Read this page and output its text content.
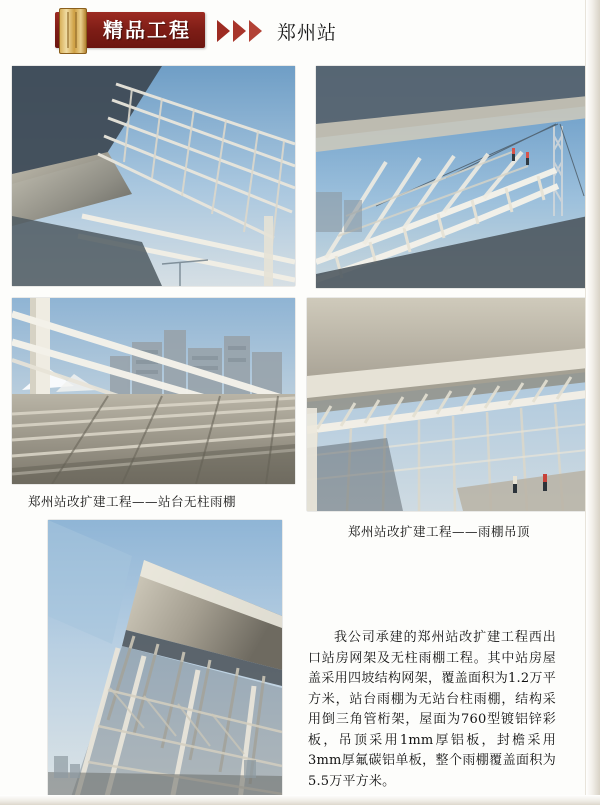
精品工程	郑州站
郑州站改扩建工程——站台无柱雨棚
郑州站改扩建工程——雨棚吊顶

我公司承建的郑州站改扩建工程西出口站房网架及无柱雨棚工程。其中站房屋盖采用四坡结构网架，覆盖面积为1.2万平方米，站台雨棚为无站台柱雨棚，结构采用倒三角管桁架，屋面为760型镀铝锌彩板，吊顶采用1mm厚铝板，封檐采用3mm厚氟碳铝单板，整个雨棚覆盖面积为5.5万平方米。
